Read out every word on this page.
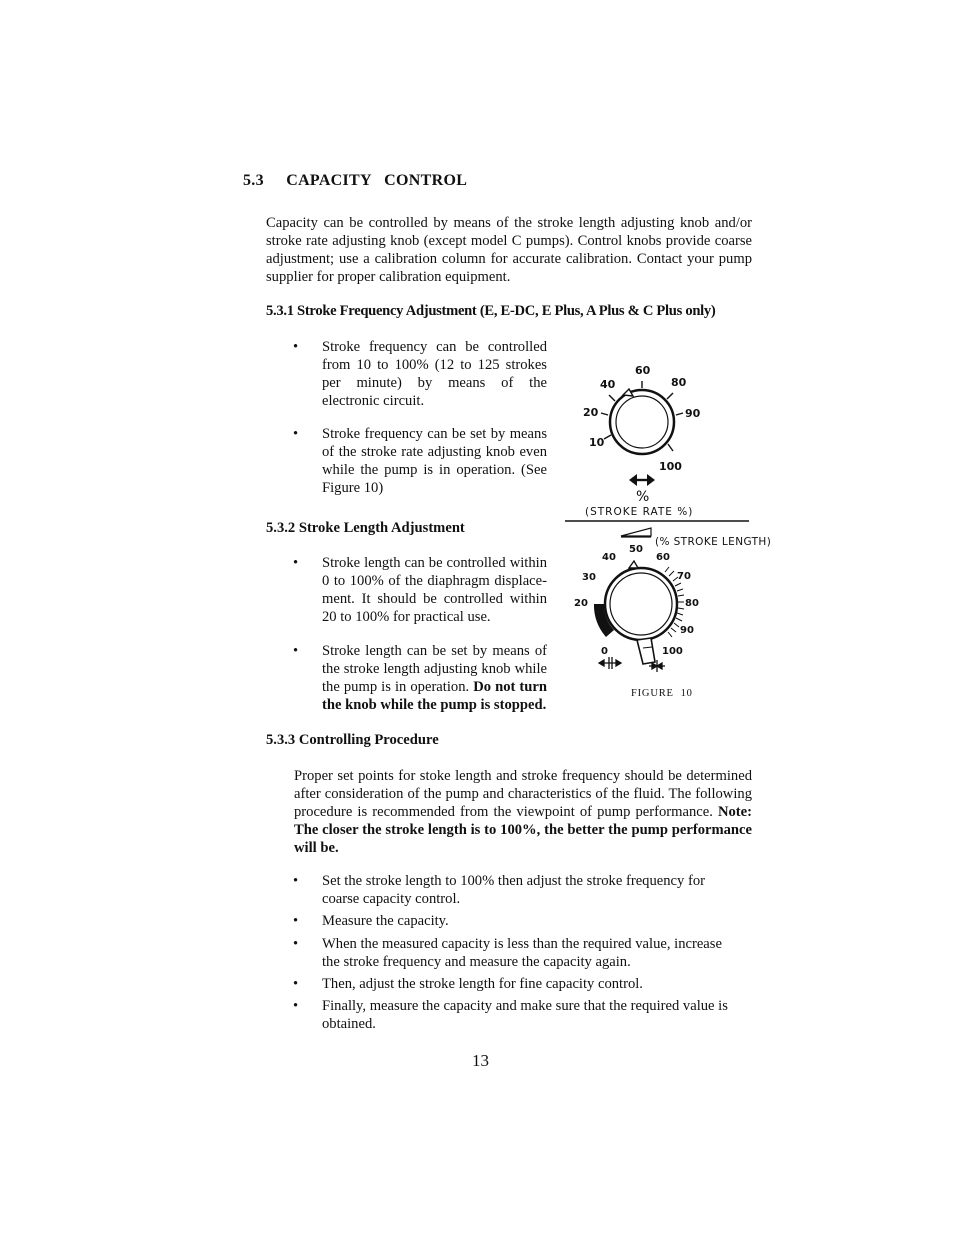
5.3 CAPACITY   CONTROL
Capacity can be controlled by means of the stroke length adjusting knob and/or stroke rate adjusting knob (except model C pumps). Control knobs provide coarse adjustment; use a calibration column for accurate calibration. Contact your pump supplier for proper calibration equipment.
5.3.1 Stroke Frequency Adjustment (E, E-DC, E Plus, A Plus & C Plus only)
• Stroke frequency can be controlled from 10 to 100% (12 to 125 strokes per minute) by means of the electronic circuit.
• Stroke frequency can be set by means of the stroke rate adjusting knob even while the pump is in operation. (See Figure 10)
5.3.2 Stroke Length Adjustment
• Stroke length can be controlled within 0 to 100% of the diaphragm displace-ment. It should be controlled within 20 to 100% for practical use.
• Stroke length can be set by means of the stroke length adjusting knob while the pump is in operation. Do not turn the knob while the pump is stopped.
5.3.3 Controlling Procedure
Proper set points for stoke length and stroke frequency should be determined after consideration of the pump and characteristics of the fluid. The following procedure is recommended from the viewpoint of pump performance. Note: The closer the stroke length is to 100%, the better the pump performance will be.
• Set the stroke length to 100% then adjust the stroke frequency for coarse capacity control.
• Measure the capacity.
• When the measured capacity is less than the required value, increase the stroke frequency and measure the capacity again.
• Then, adjust the stroke length for fine capacity control.
• Finally, measure the capacity and make sure that the required value is obtained.
13
10
20
40
60
80
90
100
%
(STROKE RATE %)
(% STROKE LENGTH)
0
20
30
40
50
60
70
80
90
100
FIGURE  10
